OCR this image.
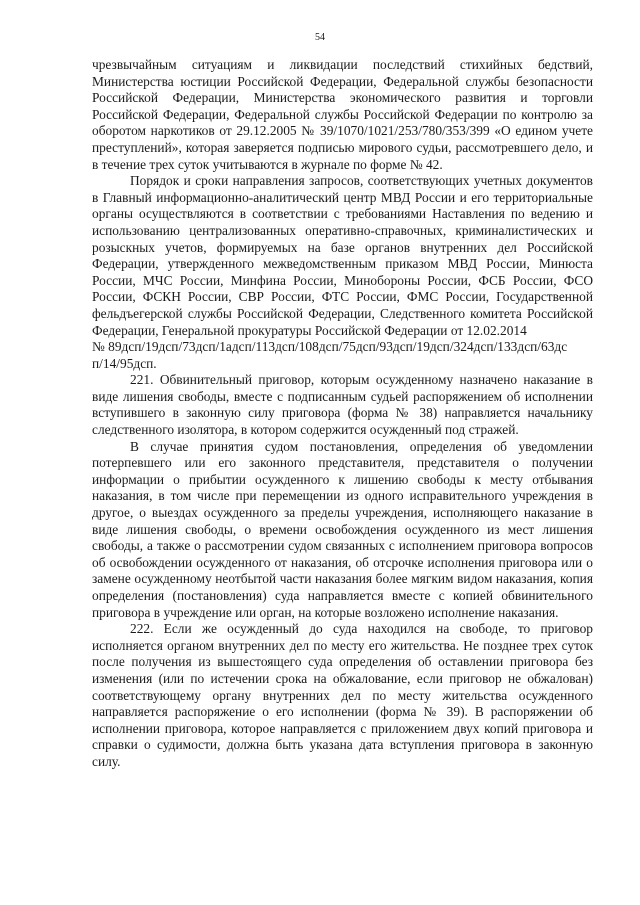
54

чрезвычайным ситуациям и ликвидации последствий стихийных бедствий, Министерства юстиции Российской Федерации, Федеральной службы безопасности Российской Федерации, Министерства экономического развития и торговли Российской Федерации, Федеральной службы Российской Федерации по контролю за оборотом наркотиков от 29.12.2005 № 39/1070/1021/253/780/353/399 «О едином учете преступлений», которая заверяется подписью мирового судьи, рассмотревшего дело, и в течение трех суток учитываются в журнале по форме № 42.

Порядок и сроки направления запросов, соответствующих учетных документов в Главный информационно-аналитический центр МВД России и его территориальные органы осуществляются в соответствии с требованиями Наставления по ведению и использованию централизованных оперативно-справочных, криминалистических и розыскных учетов, формируемых на базе органов внутренних дел Российской Федерации, утвержденного межведомственным приказом МВД России, Минюста России, МЧС России, Минфина России, Минобороны России, ФСБ России, ФСО России, ФСКН России, СВР России, ФТС России, ФМС России, Государственной фельдъегерской службы Российской Федерации, Следственного комитета Российской Федерации, Генеральной прокуратуры Российской Федерации от 12.02.2014

№ 89дсп/19дсп/73дсп/1адсп/113дсп/108дсп/75дсп/93дсп/19дсп/324дсп/133дсп/63дс

п/14/95дсп.

221. Обвинительный приговор, которым осужденному назначено наказание в виде лишения свободы, вместе с подписанным судьей распоряжением об исполнении вступившего в законную силу приговора (форма № 38) направляется начальнику следственного изолятора, в котором содержится осужденный под стражей.

В случае принятия судом постановления, определения об уведомлении потерпевшего или его законного представителя, представителя о получении информации о прибытии осужденного к лишению свободы к месту отбывания наказания, в том числе при перемещении из одного исправительного учреждения в другое, о выездах осужденного за пределы учреждения, исполняющего наказание в виде лишения свободы, о времени освобождения осужденного из мест лишения свободы, а также о рассмотрении судом связанных с исполнением приговора вопросов об освобождении осужденного от наказания, об отсрочке исполнения приговора или о замене осужденному неотбытой части наказания более мягким видом наказания, копия определения (постановления) суда направляется вместе с копией обвинительного приговора в учреждение или орган, на которые возложено исполнение наказания.

222. Если же осужденный до суда находился на свободе, то приговор исполняется органом внутренних дел по месту его жительства. Не позднее трех суток после получения из вышестоящего суда определения об оставлении приговора без изменения (или по истечении срока на обжалование, если приговор не обжалован) соответствующему органу внутренних дел по месту жительства осужденного направляется распоряжение о его исполнении (форма № 39). В распоряжении об исполнении приговора, которое направляется с приложением двух копий приговора и справки о судимости, должна быть указана дата вступления приговора в законную силу.
